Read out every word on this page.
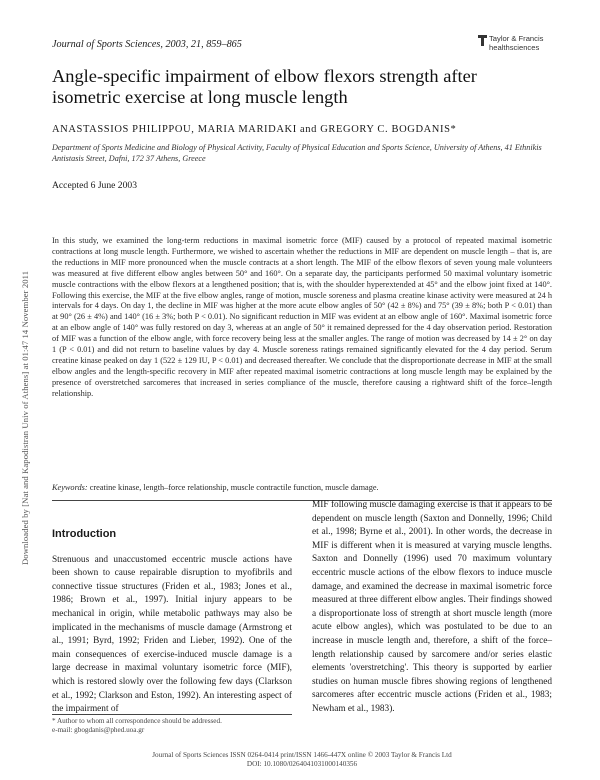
Downloaded by [Nat and Kapodistran Univ of Athens] at 01:47 14 November 2011
Journal of Sports Sciences, 2003, 21, 859–865
Taylor & Francis
healthsciences
Angle-specific impairment of elbow flexors strength after isometric exercise at long muscle length
ANASTASSIOS PHILIPPOU, MARIA MARIDAKI and GREGORY C. BOGDANIS*
Department of Sports Medicine and Biology of Physical Activity, Faculty of Physical Education and Sports Science, University of Athens, 41 Ethnikis Antistasis Street, Dafni, 172 37 Athens, Greece
Accepted 6 June 2003
In this study, we examined the long-term reductions in maximal isometric force (MIF) caused by a protocol of repeated maximal isometric contractions at long muscle length. Furthermore, we wished to ascertain whether the reductions in MIF are dependent on muscle length – that is, are the reductions in MIF more pronounced when the muscle contracts at a short length. The MIF of the elbow flexors of seven young male volunteers was measured at five different elbow angles between 50° and 160°. On a separate day, the participants performed 50 maximal voluntary isometric muscle contractions with the elbow flexors at a lengthened position; that is, with the shoulder hyperextended at 45° and the elbow joint fixed at 140°. Following this exercise, the MIF at the five elbow angles, range of motion, muscle soreness and plasma creatine kinase activity were measured at 24 h intervals for 4 days. On day 1, the decline in MIF was higher at the more acute elbow angles of 50° (42 ± 8%) and 75° (39 ± 8%; both P < 0.01) than at 90° (26 ± 4%) and 140° (16 ± 3%; both P < 0.01). No significant reduction in MIF was evident at an elbow angle of 160°. Maximal isometric force at an elbow angle of 140° was fully restored on day 3, whereas at an angle of 50° it remained depressed for the 4 day observation period. Restoration of MIF was a function of the elbow angle, with force recovery being less at the smaller angles. The range of motion was decreased by 14 ± 2° on day 1 (P < 0.01) and did not return to baseline values by day 4. Muscle soreness ratings remained significantly elevated for the 4 day period. Serum creatine kinase peaked on day 1 (522 ± 129 IU, P < 0.01) and decreased thereafter. We conclude that the disproportionate decrease in MIF at the small elbow angles and the length-specific recovery in MIF after repeated maximal isometric contractions at long muscle length may be explained by the presence of overstretched sarcomeres that increased in series compliance of the muscle, therefore causing a rightward shift of the force–length relationship.
Keywords: creatine kinase, length–force relationship, muscle contractile function, muscle damage.
Introduction

Strenuous and unaccustomed eccentric muscle actions have been shown to cause repairable disruption to myofibrils and connective tissue structures (Friden et al., 1983; Jones et al., 1986; Brown et al., 1997). Initial injury appears to be mechanical in origin, while metabolic pathways may also be implicated in the mechanisms of muscle damage (Armstrong et al., 1991; Byrd, 1992; Friden and Lieber, 1992). One of the main consequences of exercise-induced muscle damage is a large decrease in maximal voluntary isometric force (MIF), which is restored slowly over the following few days (Clarkson et al., 1992; Clarkson and Eston, 1992). An interesting aspect of the impairment of

MIF following muscle damaging exercise is that it appears to be dependent on muscle length (Saxton and Donnelly, 1996; Child et al., 1998; Byrne et al., 2001). In other words, the decrease in MIF is different when it is measured at varying muscle lengths. Saxton and Donnelly (1996) used 70 maximum voluntary eccentric muscle actions of the elbow flexors to induce muscle damage, and examined the decrease in maximal isometric force measured at three different elbow angles. Their findings showed a disproportionate loss of strength at short muscle length (more acute elbow angles), which was postulated to be due to an increase in muscle length and, therefore, a shift of the force–length relationship caused by sarcomere and/or series elastic elements 'overstretching'. This theory is supported by earlier studies on human muscle fibres showing regions of lengthened sarcomeres after eccentric muscle actions (Friden et al., 1983; Newham et al., 1983).

* Author to whom all correspondence should be addressed.
e-mail: gbogdanis@phed.uoa.gr
Journal of Sports Sciences ISSN 0264-0414 print/ISSN 1466-447X online © 2003 Taylor & Francis Ltd
DOI: 10.1080/0264041031000140356
